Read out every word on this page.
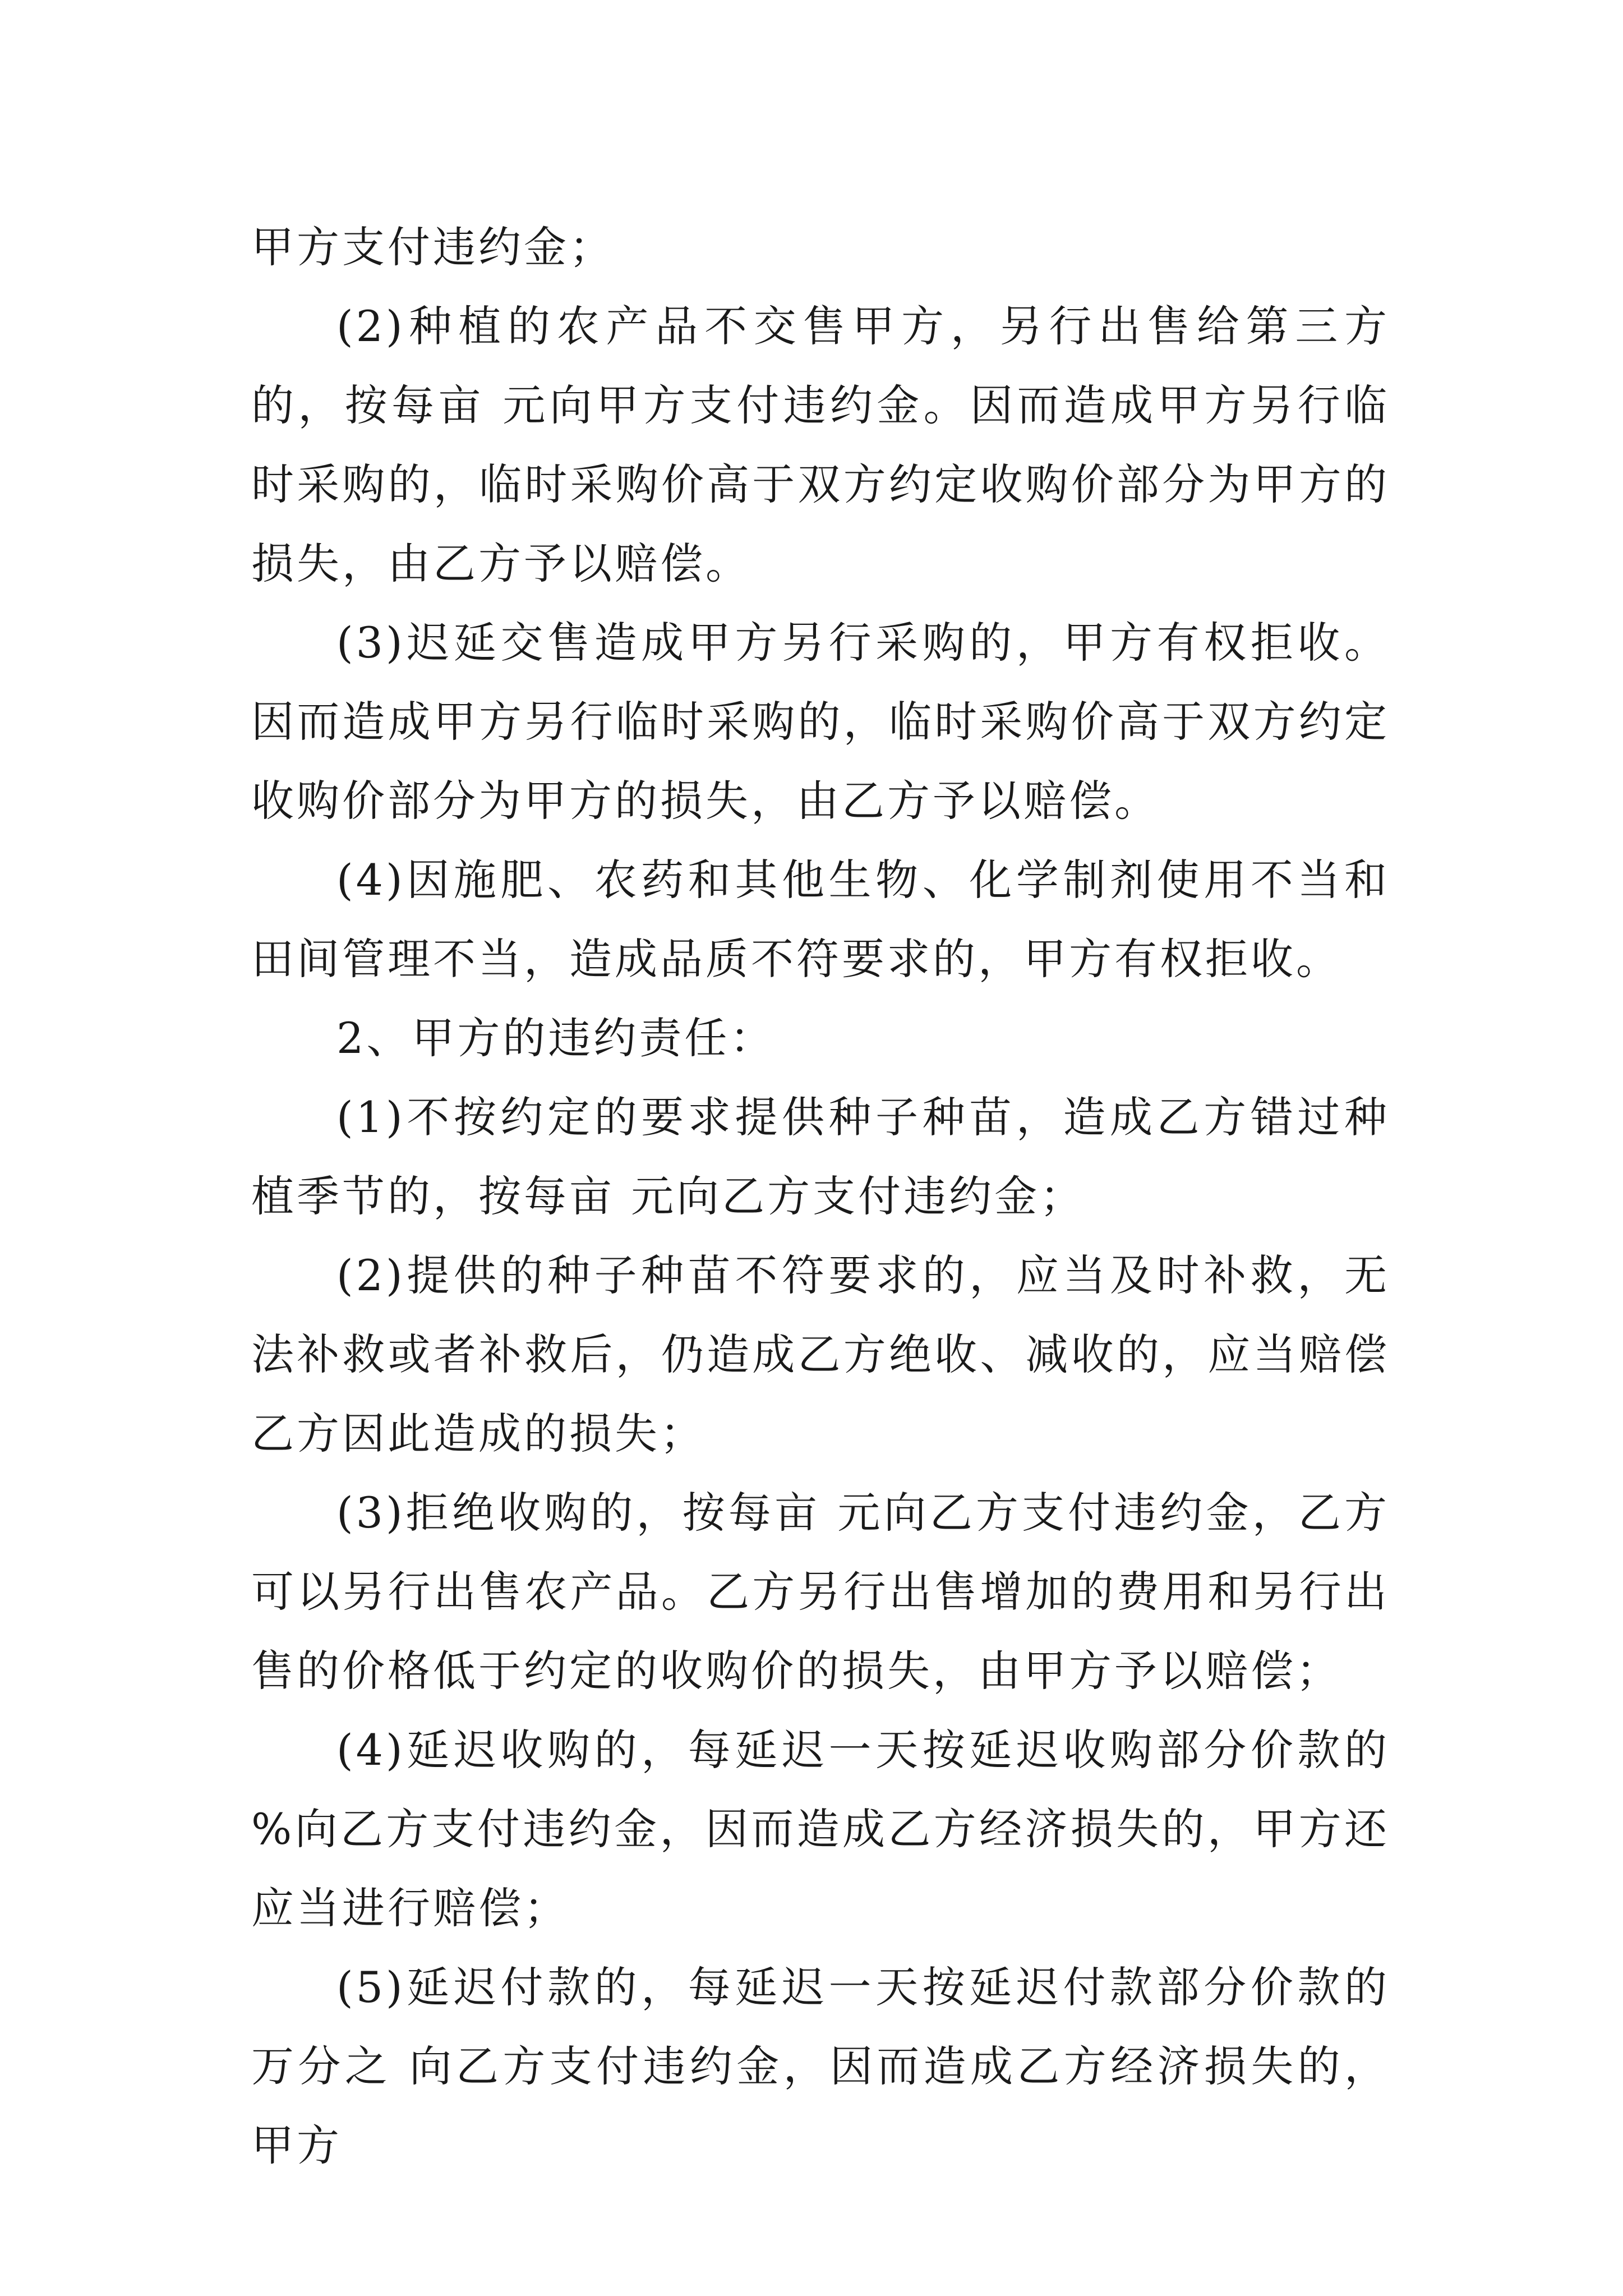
甲方支付违约金；

(2)种植的农产品不交售甲方，另行出售给第三方的，按每亩 元向甲方支付违约金。因而造成甲方另行临时采购的，临时采购价高于双方约定收购价部分为甲方的损失，由乙方予以赔偿。

(3)迟延交售造成甲方另行采购的，甲方有权拒收。因而造成甲方另行临时采购的，临时采购价高于双方约定收购价部分为甲方的损失，由乙方予以赔偿。

(4)因施肥、农药和其他生物、化学制剂使用不当和田间管理不当，造成品质不符要求的，甲方有权拒收。

2、甲方的违约责任：

(1)不按约定的要求提供种子种苗，造成乙方错过种植季节的，按每亩 元向乙方支付违约金；

(2)提供的种子种苗不符要求的，应当及时补救，无法补救或者补救后，仍造成乙方绝收、减收的，应当赔偿乙方因此造成的损失；

(3)拒绝收购的，按每亩 元向乙方支付违约金，乙方可以另行出售农产品。乙方另行出售增加的费用和另行出售的价格低于约定的收购价的损失，由甲方予以赔偿；

(4)延迟收购的，每延迟一天按延迟收购部分价款的 %向乙方支付违约金，因而造成乙方经济损失的，甲方还应当进行赔偿；

(5)延迟付款的，每延迟一天按延迟付款部分价款的万分之 向乙方支付违约金，因而造成乙方经济损失的，甲方
